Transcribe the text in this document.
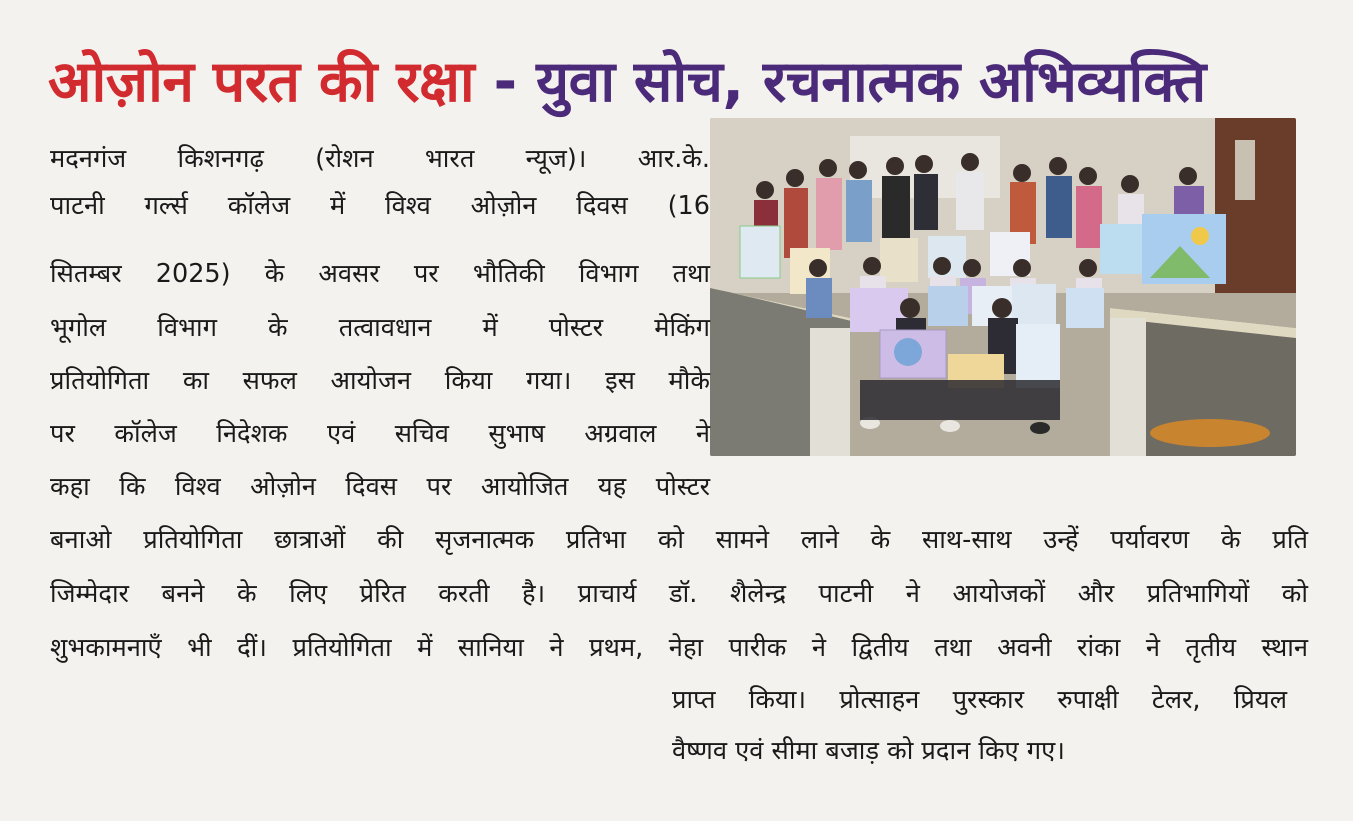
ओज़ोन परत की रक्षा - युवा सोच, रचनात्मक अभिव्यक्ति
मदनगंज किशनगढ़ (रोशन भारत न्यूज)। आर.के.
पाटनी गर्ल्स कॉलेज में विश्व ओज़ोन दिवस (16
सितम्बर 2025) के अवसर पर भौतिकी विभाग तथा
भूगोल विभाग के तत्वावधान में पोस्टर मेकिंग
प्रतियोगिता का सफल आयोजन किया गया। इस मौके
पर कॉलेज निदेशक एवं सचिव सुभाष अग्रवाल ने
कहा कि विश्व ओज़ोन दिवस पर आयोजित यह पोस्टर
बनाओ प्रतियोगिता छात्राओं की सृजनात्मक प्रतिभा को सामने लाने के साथ-साथ उन्हें पर्यावरण के प्रति
जिम्मेदार बनने के लिए प्रेरित करती है। प्राचार्य डॉ. शैलेन्द्र पाटनी ने आयोजकों और प्रतिभागियों को
शुभकामनाएँ भी दीं। प्रतियोगिता में सानिया ने प्रथम, नेहा पारीक ने द्वितीय तथा अवनी रांका ने तृतीय स्थान
प्राप्त किया। प्रोत्साहन पुरस्कार रुपाक्षी टेलर, प्रियल
वैष्णव एवं सीमा बजाड़ को प्रदान किए गए।
